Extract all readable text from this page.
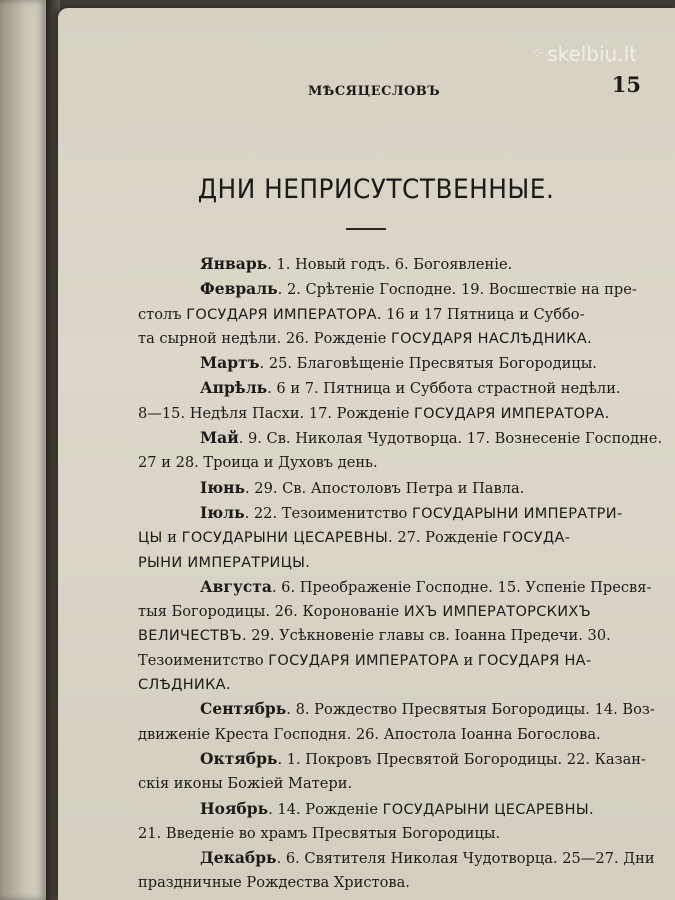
⁘ skelbiu.lt
МѢСЯЦЕСЛОВЪ	15
ДНИ НЕПРИСУТСТВЕННЫЕ.
Январь. 1. Новый годъ. 6. Богоявленіе.
Февраль. 2. Срѣтеніе Господне. 19. Восшествіе на пре-
столъ ГОСУДАРЯ ИМПЕРАТОРА. 16 и 17 Пятница и Суббо-
та сырной недѣли. 26. Рожденіе ГОСУДАРЯ НАСЛѢДНИКА.
Мартъ. 25. Благовѣщеніе Пресвятыя Богородицы.
Апрѣль. 6 и 7. Пятница и Суббота страстной недѣли.
8—15. Недѣля Пасхи. 17. Рожденіе ГОСУДАРЯ ИМПЕРАТОРА.
Май. 9. Св. Николая Чудотворца. 17. Вознесеніе Господне.
27 и 28. Троица и Духовъ день.
Іюнь. 29. Св. Апостоловъ Петра и Павла.
Іюль. 22. Тезоименитство ГОСУДАРЫНИ ИМПЕРАТРИ-
ЦЫ и ГОСУДАРЫНИ ЦЕСАРЕВНЫ. 27. Рожденіе ГОСУДА-
РЫНИ ИМПЕРАТРИЦЫ.
Августа. 6. Преображеніе Господне. 15. Успеніе Пресвя-
тыя Богородицы. 26. Коронованіе ИХЪ ИМПЕРАТОРСКИХЪ
ВЕЛИЧЕСТВЪ. 29. Усѣкновеніе главы св. Іоанна Предечи. 30.
Тезоименитство ГОСУДАРЯ ИМПЕРАТОРА и ГОСУДАРЯ НА-
СЛѢДНИКА.
Сентябрь. 8. Рождество Пресвятыя Богородицы. 14. Воз-
движеніе Креста Господня. 26. Апостола Іоанна Богослова.
Октябрь. 1. Покровъ Пресвятой Богородицы. 22. Казан-
скія иконы Божіей Матери.
Ноябрь. 14. Рожденіе ГОСУДАРЫНИ ЦЕСАРЕВНЫ.
21. Введеніе во храмъ Пресвятыя Богородицы.
Декабрь. 6. Святителя Николая Чудотворца. 25—27. Дни
праздничные Рождества Христова.
